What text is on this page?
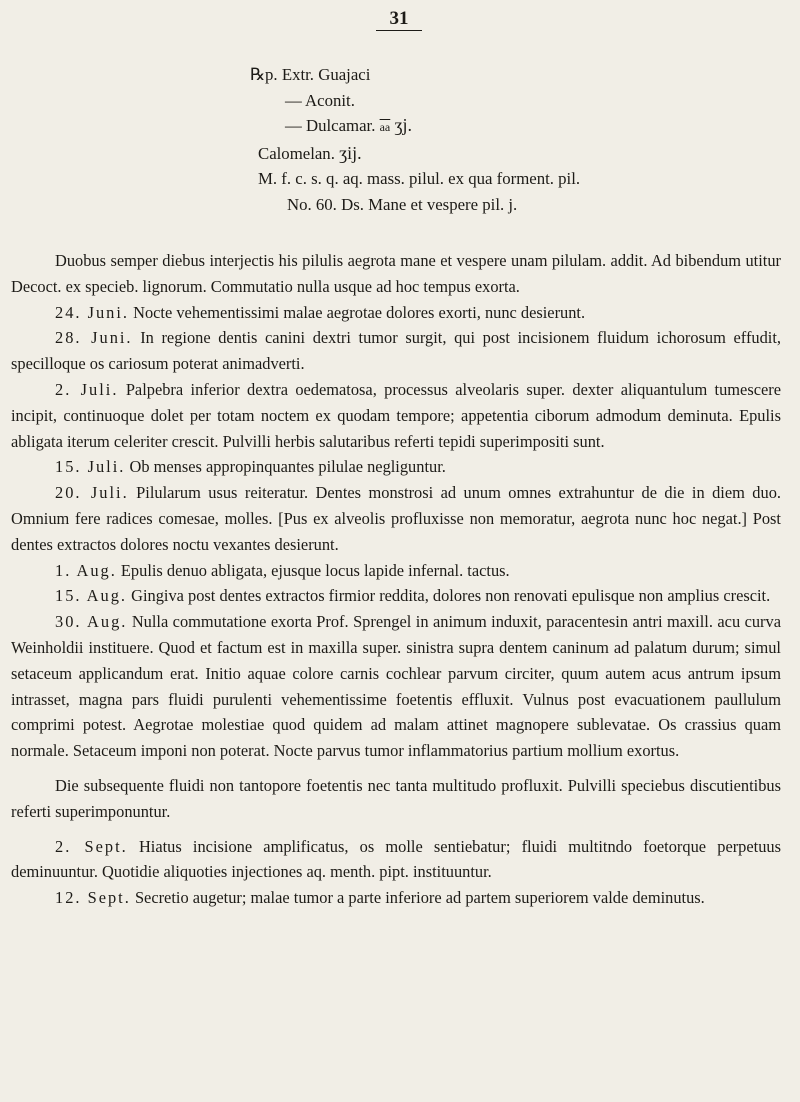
31
℞p. Extr. Guajaci
— Aconit.
— Dulcamar. $\overline{aa}$ ʒj.
Calomelan. ʒij.
M. f. c. s. q. aq. mass. pilul. ex qua forment. pil.
No. 60. Ds. Mane et vespere pil. j.

Duobus semper diebus interjectis his pilulis aegrota mane et vespere unam pilulam. addit. Ad bibendum utitur Decoct. ex specieb. lignorum. Commutatio nulla usque ad hoc tempus exorta.

24. Juni. Nocte vehementissimi malae aegrotae dolores exorti, nunc desierunt.

28. Juni. In regione dentis canini dextri tumor surgit, qui post incisionem fluidum ichorosum effudit, specilloque os cariosum poterat animadverti.

2. Juli. Palpebra inferior dextra oedematosa, processus alveolaris super. dexter aliquantulum tumescere incipit, continuoque dolet per totam noctem ex quodam tempore; appetentia ciborum admodum deminuta. Epulis abligata iterum celeriter crescit. Pulvilli herbis salutaribus referti tepidi superimpositi sunt.

15. Juli. Ob menses appropinquantes pilulae negliguntur.

20. Juli. Pilularum usus reiteratur. Dentes monstrosi ad unum omnes extrahuntur de die in diem duo. Omnium fere radices comesae, molles. [Pus ex alveolis profluxisse non memoratur, aegrota nunc hoc negat.] Post dentes extractos dolores noctu vexantes desierunt.

1. Aug. Epulis denuo abligata, ejusque locus lapide infernal. tactus.

15. Aug. Gingiva post dentes extractos firmior reddita, dolores non renovati epulisque non amplius crescit.

30. Aug. Nulla commutatione exorta Prof. Sprengel in animum induxit, paracentesin antri maxill. acu curva Weinholdii instituere. Quod et factum est in maxilla super. sinistra supra dentem caninum ad palatum durum; simul setaceum applicandum erat. Initio aquae colore carnis cochlear parvum circiter, quum autem acus antrum ipsum intrasset, magna pars fluidi purulenti vehementissime foetentis effluxit. Vulnus post evacuationem paullulum comprimi potest. Aegrotae molestiae quod quidem ad malam attinet magnopere sublevatae. Os crassius quam normale. Setaceum imponi non poterat. Nocte parvus tumor inflammatorius partium mollium exortus.

Die subsequente fluidi non tantopore foetentis nec tanta multitudo profluxit. Pulvilli speciebus discutientibus referti superimponuntur.

2. Sept. Hiatus incisione amplificatus, os molle sentiebatur; fluidi multitndo foetorque perpetuus deminuuntur. Quotidie aliquoties injectiones aq. menth. pipt. instituuntur.

12. Sept. Secretio augetur; malae tumor a parte inferiore ad partem superiorem valde deminutus.
